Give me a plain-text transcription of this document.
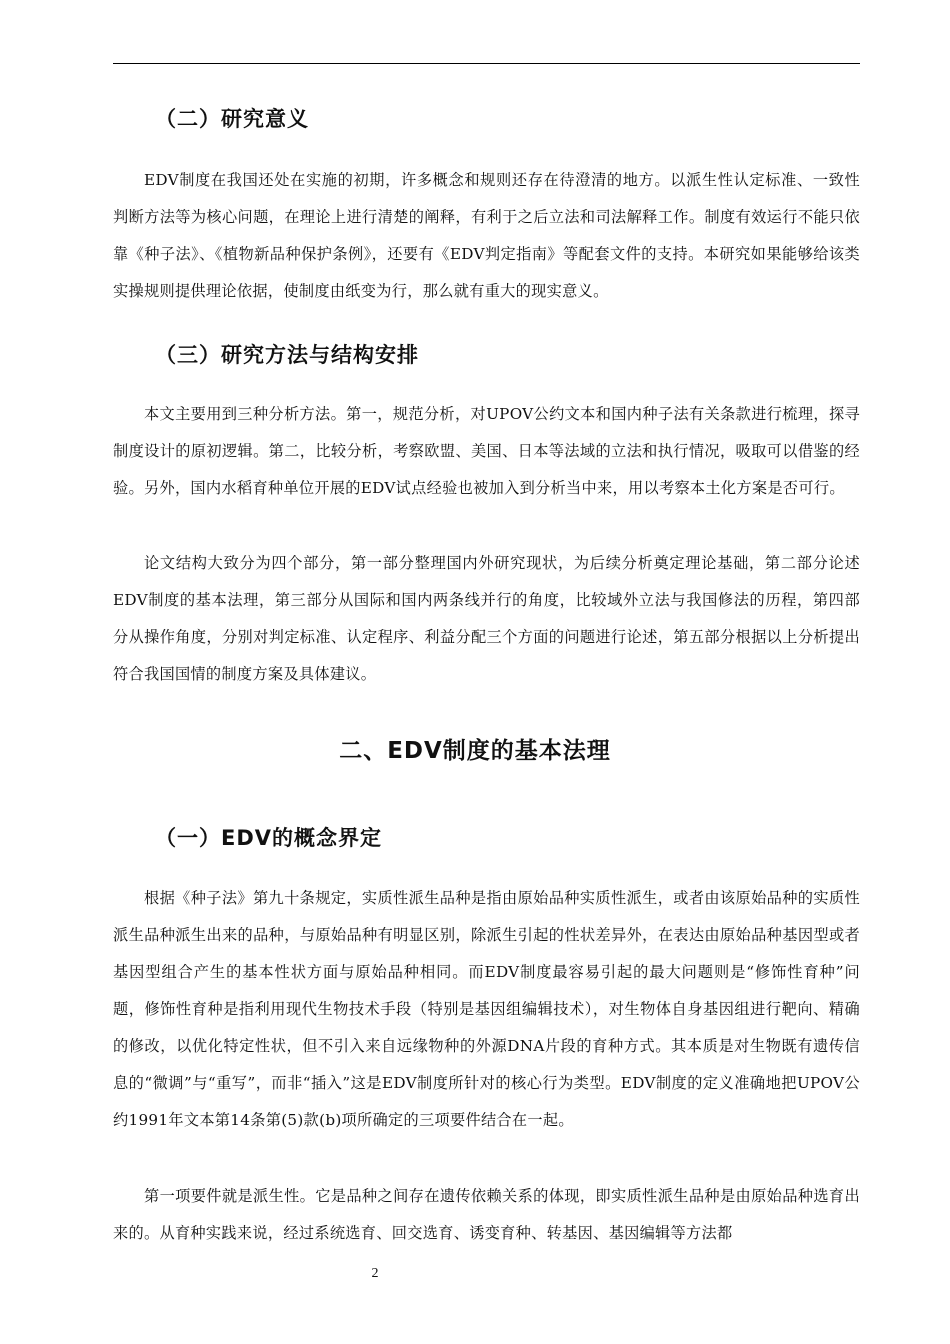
（二）研究意义

EDV制度在我国还处在实施的初期，许多概念和规则还存在待澄清的地方。以派生性认定标准、一致性判断方法等为核心问题，在理论上进行清楚的阐释，有利于之后立法和司法解释工作。制度有效运行不能只依靠《种子法》、《植物新品种保护条例》，还要有《EDV判定指南》等配套文件的支持。本研究如果能够给该类实操规则提供理论依据，使制度由纸变为行，那么就有重大的现实意义。

（三）研究方法与结构安排

本文主要用到三种分析方法。第一，规范分析，对UPOV公约文本和国内种子法有关条款进行梳理，探寻制度设计的原初逻辑。第二，比较分析，考察欧盟、美国、日本等法域的立法和执行情况，吸取可以借鉴的经验。另外，国内水稻育种单位开展的EDV试点经验也被加入到分析当中来，用以考察本土化方案是否可行。

论文结构大致分为四个部分，第一部分整理国内外研究现状，为后续分析奠定理论基础，第二部分论述EDV制度的基本法理，第三部分从国际和国内两条线并行的角度，比较域外立法与我国修法的历程，第四部分从操作角度，分别对判定标准、认定程序、利益分配三个方面的问题进行论述，第五部分根据以上分析提出符合我国国情的制度方案及具体建议。

二、EDV制度的基本法理
（一）EDV的概念界定

根据《种子法》第九十条规定，实质性派生品种是指由原始品种实质性派生，或者由该原始品种的实质性派生品种派生出来的品种，与原始品种有明显区别，除派生引起的性状差异外，在表达由原始品种基因型或者基因型组合产生的基本性状方面与原始品种相同。而EDV制度最容易引起的最大问题则是“修饰性育种”问题，修饰性育种是指利用现代生物技术手段（特别是基因组编辑技术），对生物体自身基因组进行靶向、精确的修改，以优化特定性状，但不引入来自远缘物种的外源DNA片段的育种方式。其本质是对生物既有遗传信息的“微调”与“重写”，而非“插入”这是EDV制度所针对的核心行为类型。EDV制度的定义准确地把UPOV公约1991年文本第14条第(5)款(b)项所确定的三项要件结合在一起。

第一项要件就是派生性。它是品种之间存在遗传依赖关系的体现，即实质性派生品种是由原始品种选育出来的。从育种实践来说，经过系统选育、回交选育、诱变育种、转基因、基因编辑等方法都

2
